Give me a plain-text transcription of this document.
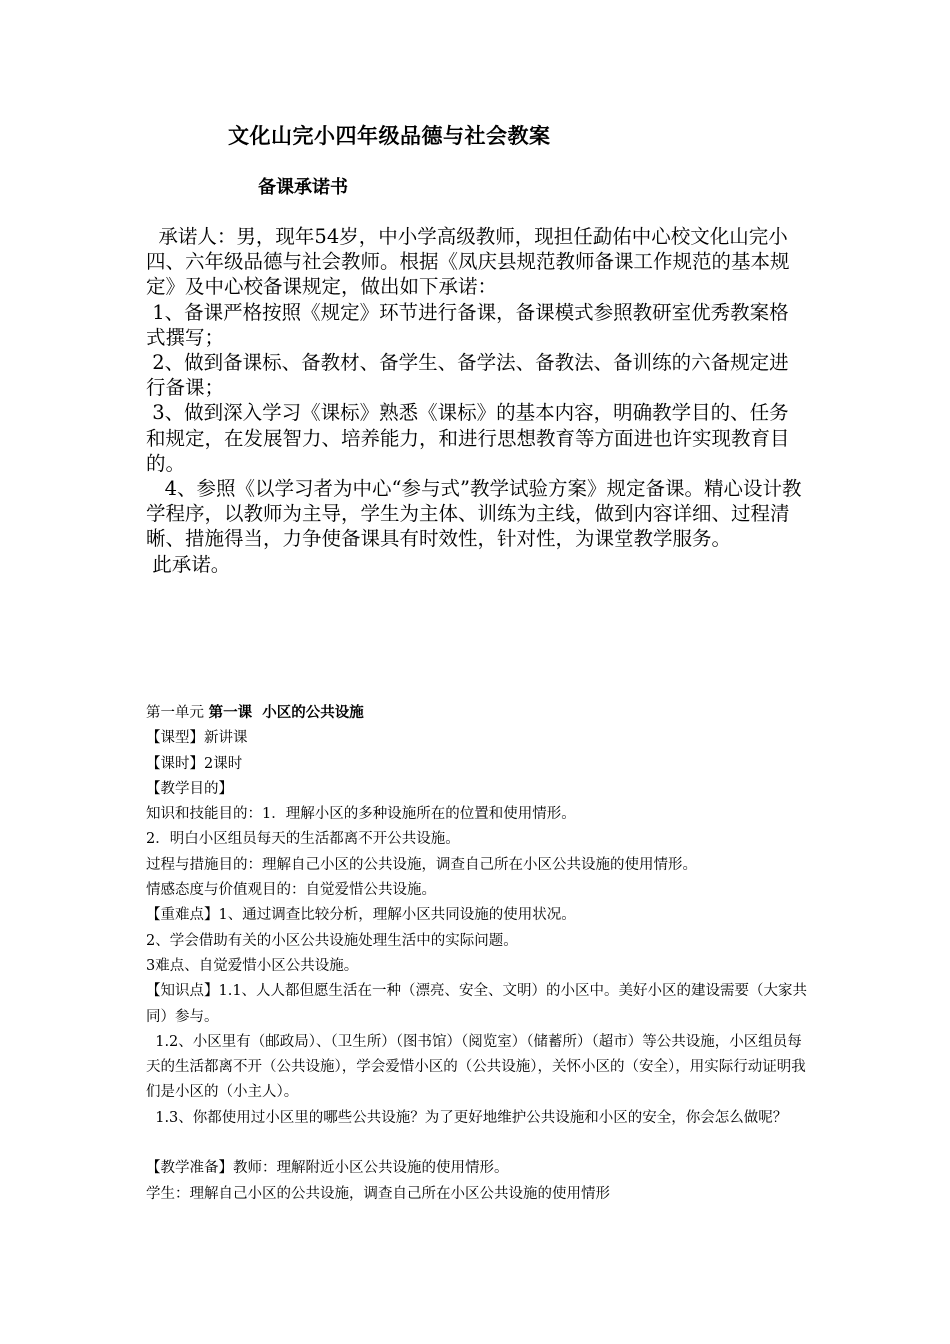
文化山完小四年级品德与社会教案
备课承诺书

承诺人：男，现年54岁，中小学高级教师，现担任勐佑中心校文化山完小四、六年级品德与社会教师。根据《凤庆县规范教师备课工作规范的基本规定》及中心校备课规定，做出如下承诺：

1、备课严格按照《规定》环节进行备课，备课模式参照教研室优秀教案格式撰写；

2、做到备课标、备教材、备学生、备学法、备教法、备训练的六备规定进行备课；

3、做到深入学习《课标》熟悉《课标》的基本内容，明确教学目的、任务和规定，在发展智力、培养能力，和进行思想教育等方面进也许实现教育目的。

4、参照《以学习者为中心“参与式”教学试验方案》规定备课。精心设计教学程序，以教师为主导，学生为主体、训练为主线，做到内容详细、过程清晰、措施得当，力争使备课具有时效性，针对性，为课堂教学服务。

此承诺。

第一单元 第一课  小区的公共设施

【课型】新讲课

【课时】2课时

【教学目的】

知识和技能目的：1．理解小区的多种设施所在的位置和使用情形。

2．明白小区组员每天的生活都离不开公共设施。

过程与措施目的：理解自己小区的公共设施，调查自己所在小区公共设施的使用情形。

情感态度与价值观目的：自觉爱惜公共设施。

【重难点】1、通过调查比较分析，理解小区共同设施的使用状况。

2、学会借助有关的小区公共设施处理生活中的实际问题。

3难点、自觉爱惜小区公共设施。

【知识点】1.1、人人都但愿生活在一种（漂亮、安全、文明）的小区中。美好小区的建设需要（大家共同）参与。

1.2、小区里有（邮政局）、（卫生所）（图书馆）（阅览室）（储蓄所）（超市）等公共设施，小区组员每天的生活都离不开（公共设施），学会爱惜小区的（公共设施），关怀小区的（安全），用实际行动证明我们是小区的（小主人）。

1.3、你都使用过小区里的哪些公共设施？为了更好地维护公共设施和小区的安全，你会怎么做呢？

【教学准备】教师：理解附近小区公共设施的使用情形。

学生：理解自己小区的公共设施，调查自己所在小区公共设施的使用情形
